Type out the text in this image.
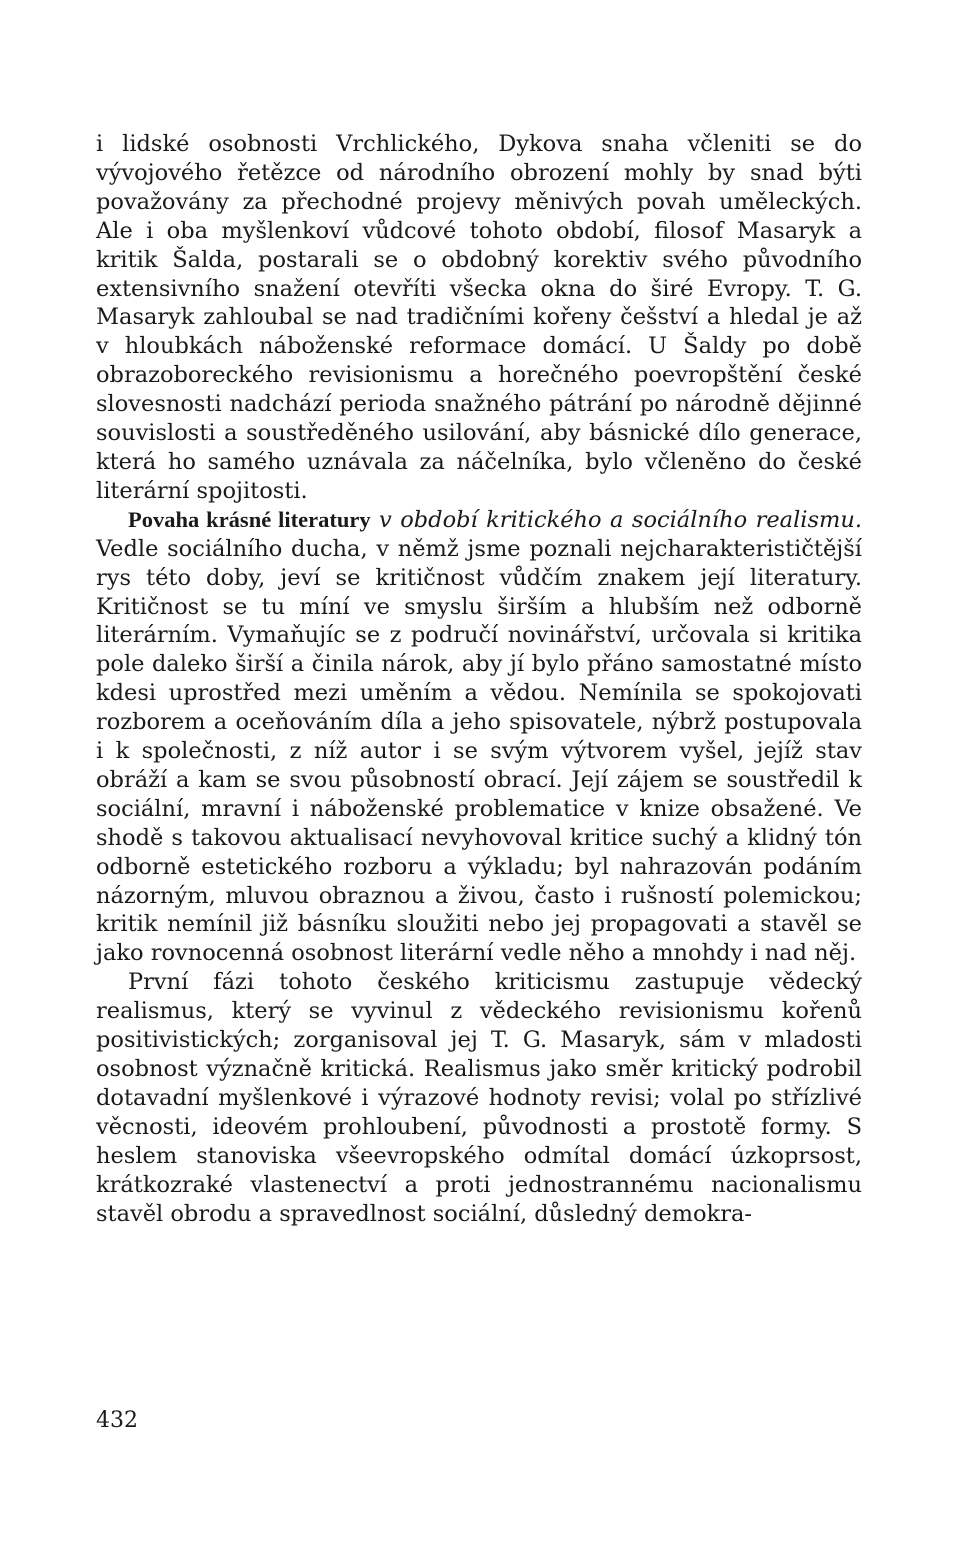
i lidské osobnosti Vrchlického, Dykova snaha včleniti se do vývojového řetězce od národního obrození mohly by snad býti považovány za přechodné projevy měnivých povah uměleckých. Ale i oba myšlenkoví vůdcové tohoto období, filosof Masaryk a kritik Šalda, postarali se o obdobný korektiv svého původního extensivního snažení otevříti všecka okna do širé Evropy. T. G. Masaryk zahloubal se nad tradičními kořeny češství a hledal je až v hloubkách náboženské reformace domácí. U Šaldy po době obrazoboreckého revisionismu a horečného poevropštění české slovesnosti nadchází perioda snažného pátrání po národně dějinné souvislosti a soustředěného usilování, aby básnické dílo generace, která ho samého uznávala za náčelníka, bylo včleněno do české literární spojitosti.

Povaha krásné literatury v období kritického a sociálního realismu. Vedle sociálního ducha, v němž jsme poznali nejcharakterističtější rys této doby, jeví se kritičnost vůdčím znakem její literatury. Kritičnost se tu míní ve smyslu širším a hlubším než odborně literárním. Vymaňujíc se z područí novinářství, určovala si kritika pole daleko širší a činila nárok, aby jí bylo přáno samostatné místo kdesi uprostřed mezi uměním a vědou. Nemínila se spokojovati rozborem a oceňováním díla a jeho spisovatele, nýbrž postupovala i k společnosti, z níž autor i se svým výtvorem vyšel, jejíž stav obráží a kam se svou působností obrací. Její zájem se soustředil k sociální, mravní i náboženské problematice v knize obsažené. Ve shodě s takovou aktualisací nevyhovoval kritice suchý a klidný tón odborně estetického rozboru a výkladu; byl nahrazován podáním názorným, mluvou obraznou a živou, často i rušností polemickou; kritik nemínil již básníku sloužiti nebo jej propagovati a stavěl se jako rovnocenná osobnost literární vedle něho a mnohdy i nad něj.

První fázi tohoto českého kriticismu zastupuje vědecký realismus, který se vyvinul z vědeckého revisionismu kořenů positivistických; zorganisoval jej T. G. Masaryk, sám v mladosti osobnost význačně kritická. Realismus jako směr kritický podrobil dotavadní myšlenkové i výrazové hodnoty revisi; volal po střízlivé věcnosti, ideovém prohloubení, původnosti a prostotě formy. S heslem stanoviska všeevropského odmítal domácí úzkoprsost, krátkozraké vlastenectví a proti jednostrannému nacionalismu stavěl obrodu a spravedlnost sociální, důsledný demokra-

432
